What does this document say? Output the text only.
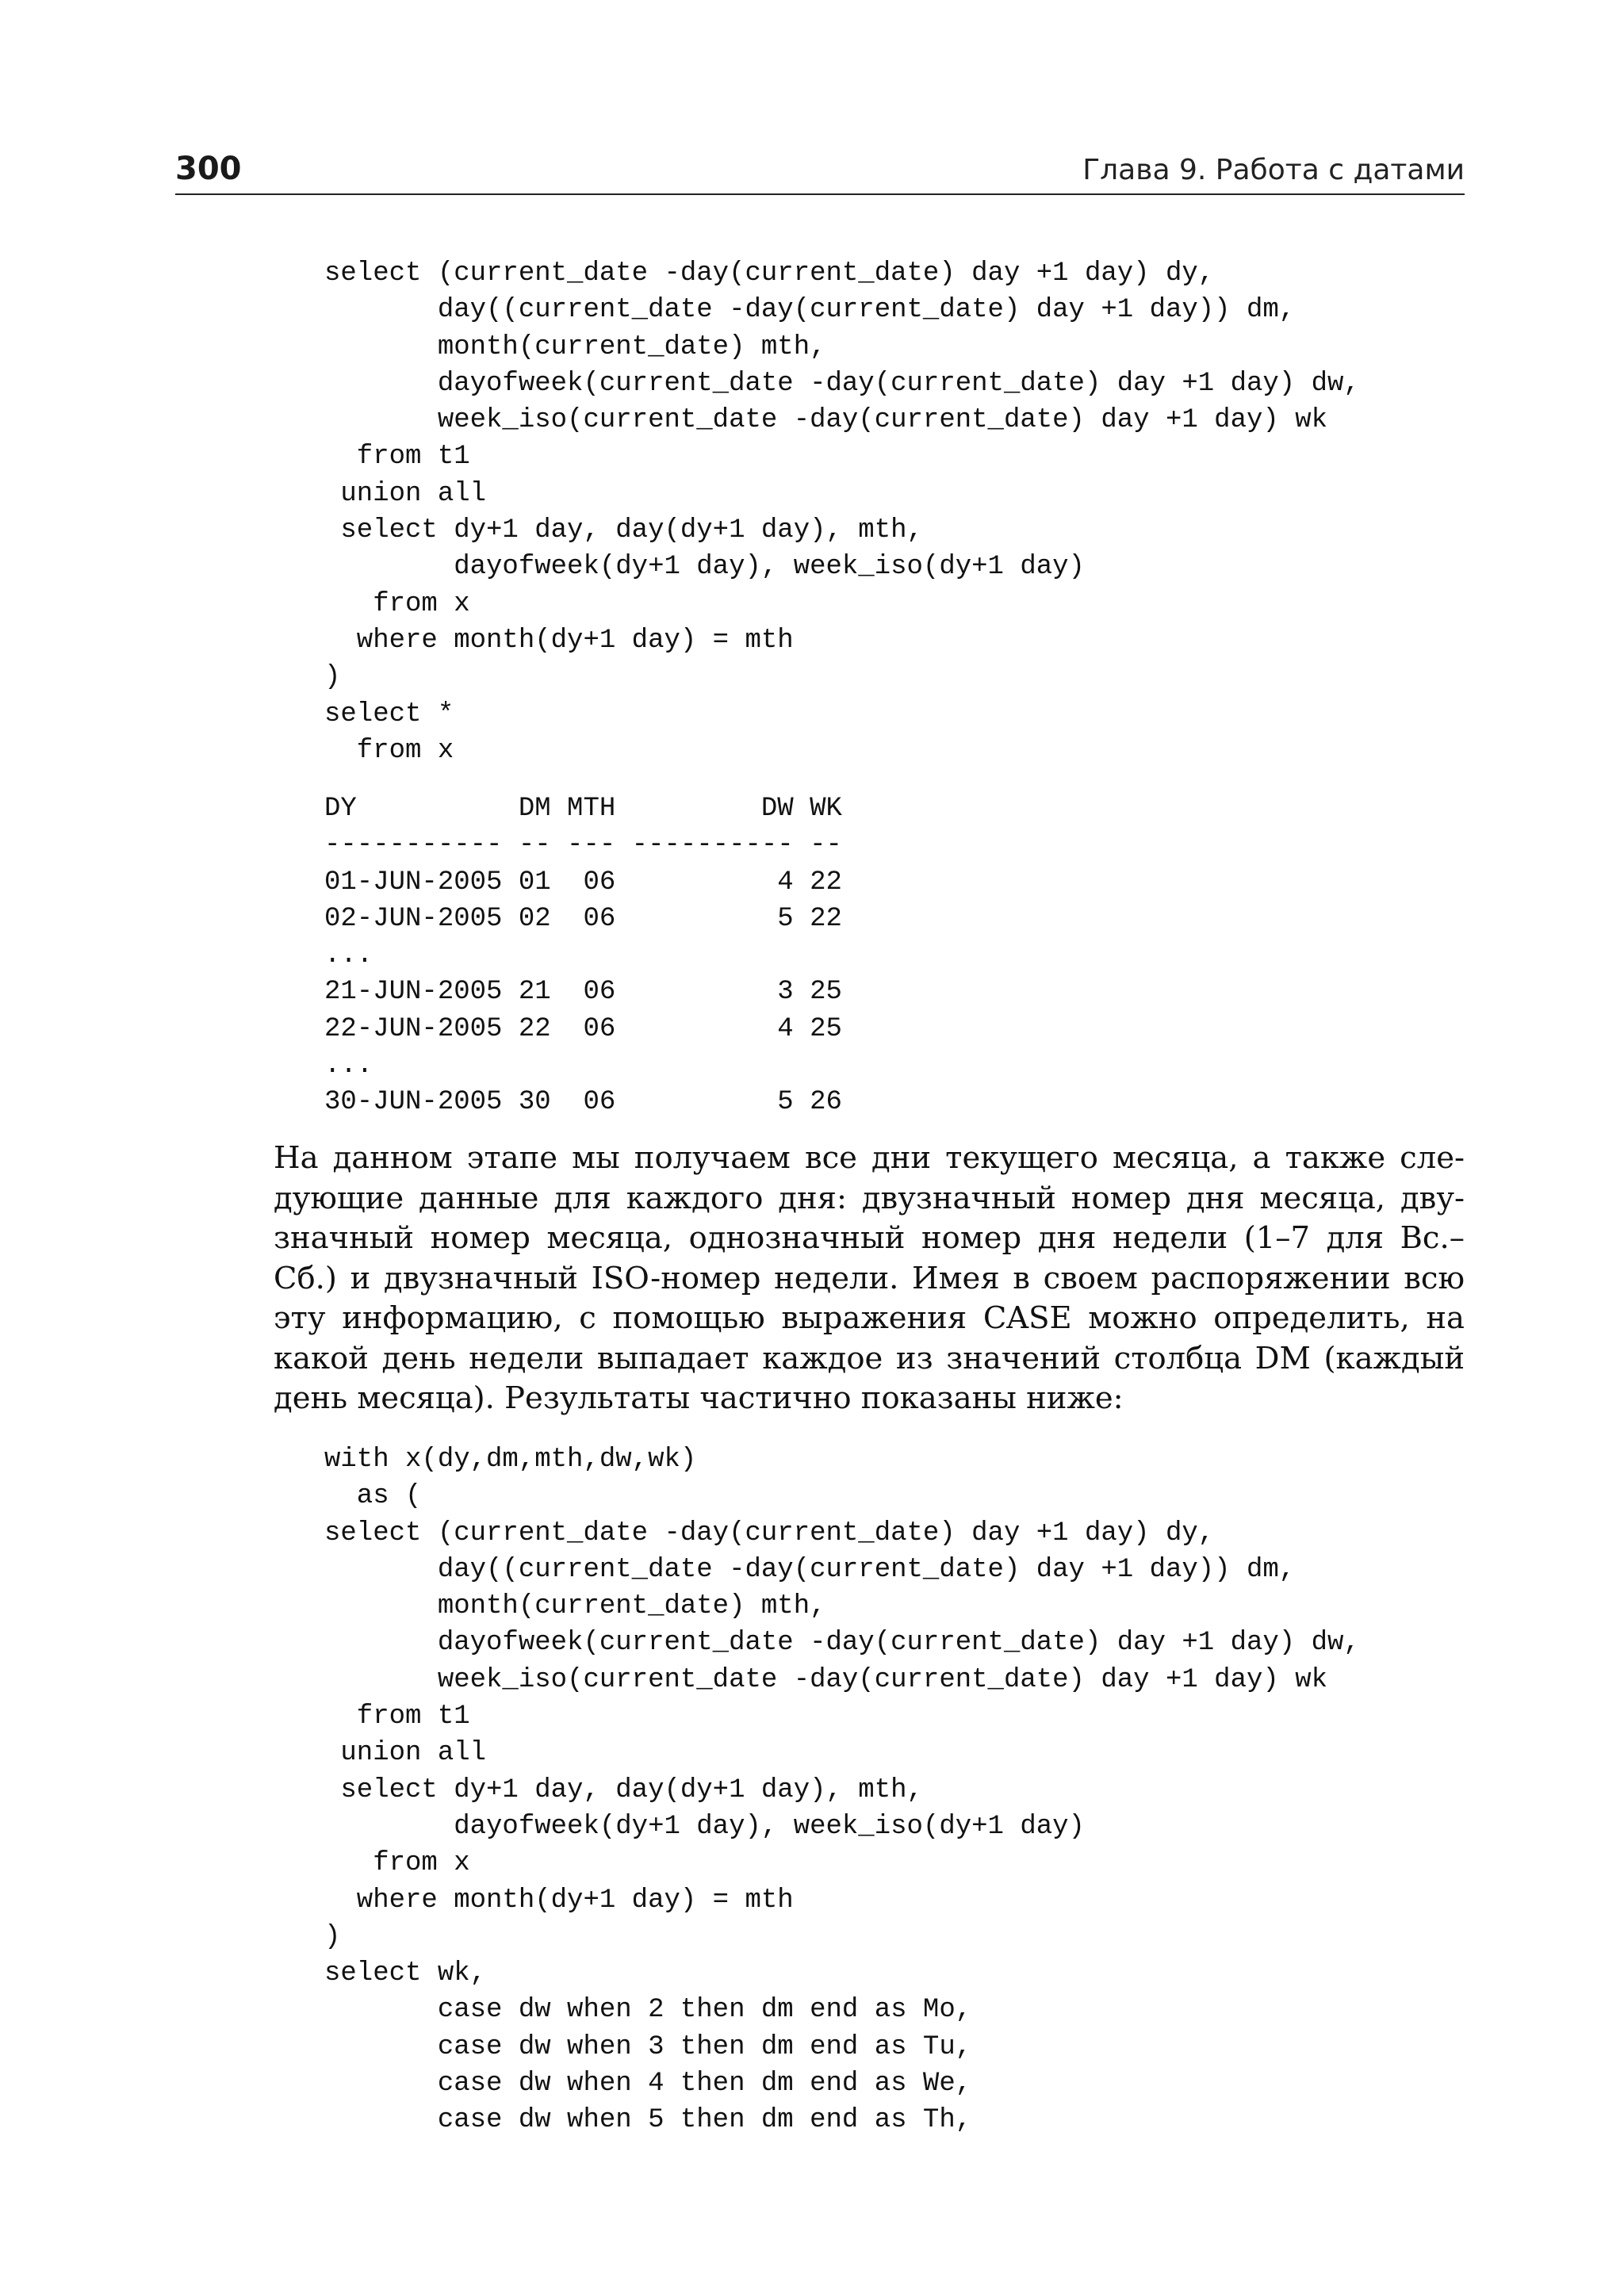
300	Глава 9. Работа с датами
select (current_date -day(current_date) day +1 day) dy,
day((current_date -day(current_date) day +1 day)) dm,
month(current_date) mth,
dayofweek(current_date -day(current_date) day +1 day) dw,
week_iso(current_date -day(current_date) day +1 day) wk
from t1
union all
select dy+1 day, day(dy+1 day), mth,
dayofweek(dy+1 day), week_iso(dy+1 day)
from x
where month(dy+1 day) = mth
)
select *
from x
DY          DM MTH         DW WK
----------- -- --- ---------- --
01-JUN-2005 01  06          4 22
02-JUN-2005 02  06          5 22
...
21-JUN-2005 21  06          3 25
22-JUN-2005 22  06          4 25
...
30-JUN-2005 30  06          5 26
На данном этапе мы получаем все дни текущего месяца, а также сле-
дующие данные для каждого дня: двузначный номер дня месяца, дву-
значный номер месяца, однозначный номер дня недели (1–7 для Вс.–
Сб.) и двузначный ISO-номер недели. Имея в своем распоряжении всю
эту информацию, с помощью выражения CASE можно определить, на
какой день недели выпадает каждое из значений столбца DM (каждый
день месяца). Результаты частично показаны ниже:
with x(dy,dm,mth,dw,wk)
as (
select (current_date -day(current_date) day +1 day) dy,
day((current_date -day(current_date) day +1 day)) dm,
month(current_date) mth,
dayofweek(current_date -day(current_date) day +1 day) dw,
week_iso(current_date -day(current_date) day +1 day) wk
from t1
union all
select dy+1 day, day(dy+1 day), mth,
dayofweek(dy+1 day), week_iso(dy+1 day)
from x
where month(dy+1 day) = mth
)
select wk,
case dw when 2 then dm end as Mo,
case dw when 3 then dm end as Tu,
case dw when 4 then dm end as We,
case dw when 5 then dm end as Th,
